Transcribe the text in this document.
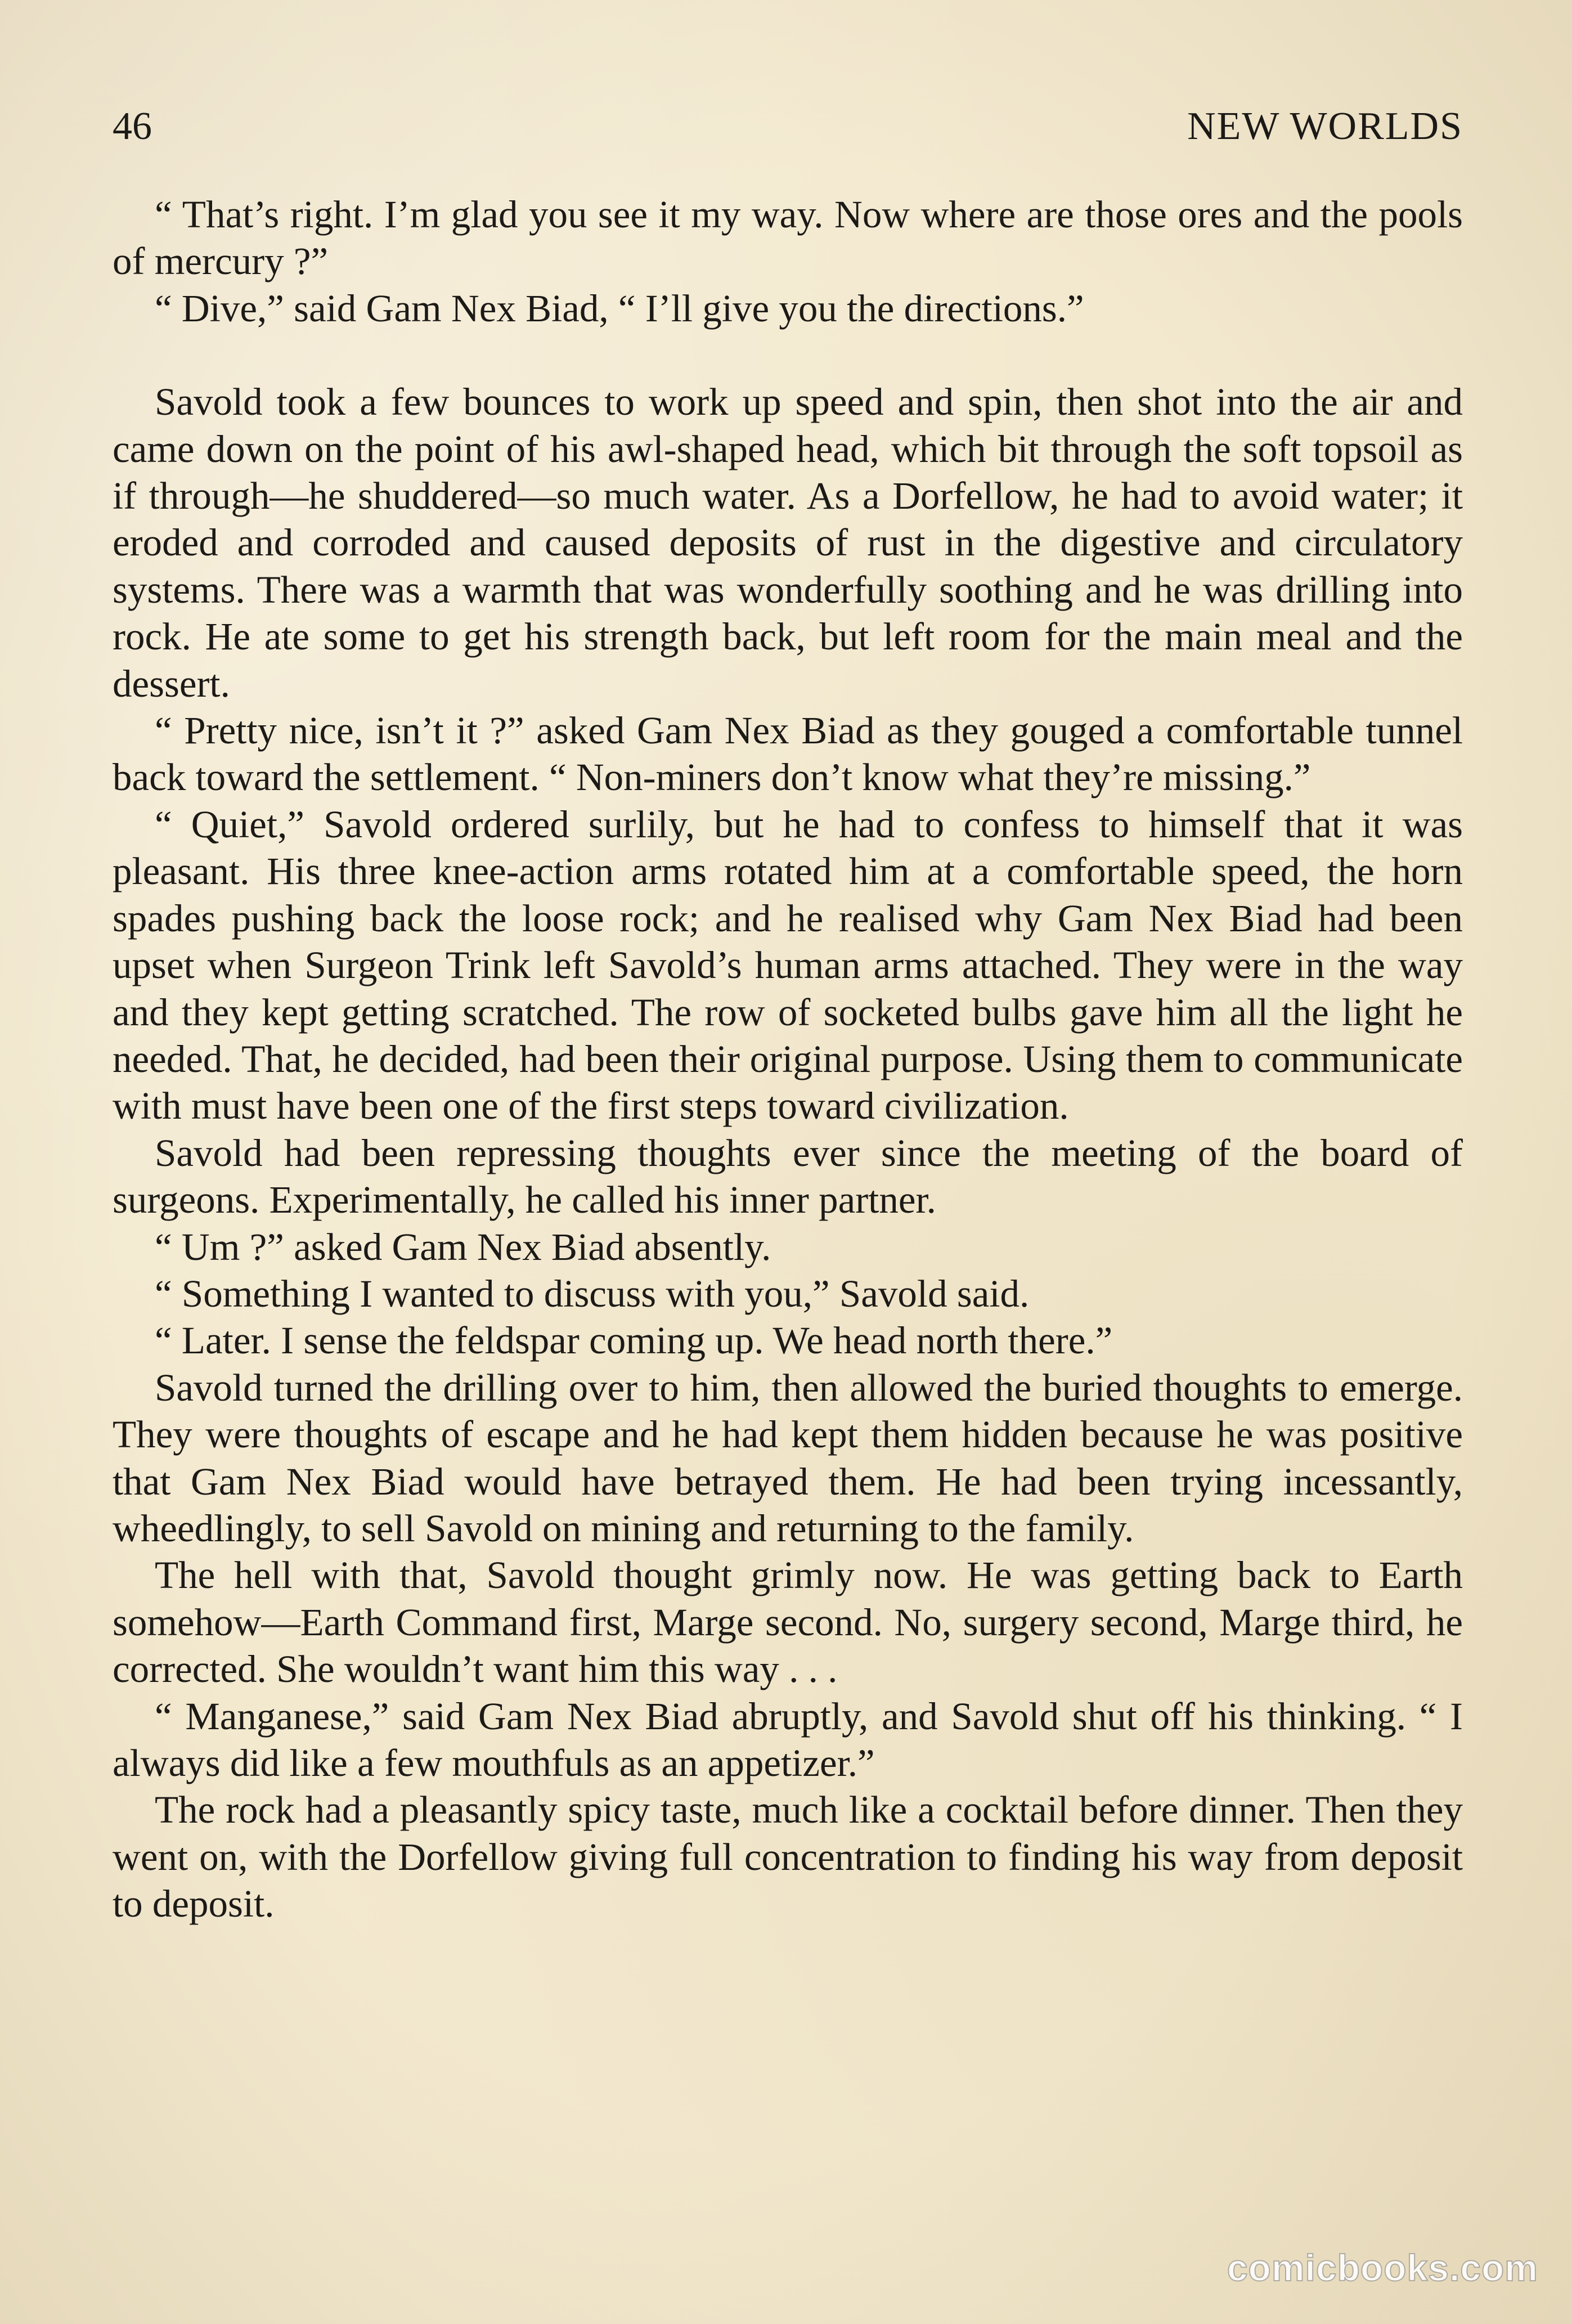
46	NEW WORLDS

“ That’s right. I’m glad you see it my way. Now where are those ores and the pools of mercury ?”

“ Dive,” said Gam Nex Biad, “ I’ll give you the directions.”

Savold took a few bounces to work up speed and spin, then shot into the air and came down on the point of his awl-shaped head, which bit through the soft topsoil as if through—he shuddered—so much water. As a Dorfellow, he had to avoid water; it eroded and corroded and caused deposits of rust in the digestive and circulatory systems. There was a warmth that was wonderfully soothing and he was drilling into rock. He ate some to get his strength back, but left room for the main meal and the dessert.

“ Pretty nice, isn’t it ?” asked Gam Nex Biad as they gouged a comfortable tunnel back toward the settlement. “ Non-miners don’t know what they’re missing.”

“ Quiet,” Savold ordered surlily, but he had to confess to himself that it was pleasant. His three knee-action arms rotated him at a comfortable speed, the horn spades pushing back the loose rock; and he realised why Gam Nex Biad had been upset when Surgeon Trink left Savold’s human arms attached. They were in the way and they kept getting scratched. The row of socketed bulbs gave him all the light he needed. That, he decided, had been their original purpose. Using them to communicate with must have been one of the first steps toward civilization.

Savold had been repressing thoughts ever since the meeting of the board of surgeons. Experimentally, he called his inner partner.

“ Um ?” asked Gam Nex Biad absently.

“ Something I wanted to discuss with you,” Savold said.

“ Later. I sense the feldspar coming up. We head north there.”

Savold turned the drilling over to him, then allowed the buried thoughts to emerge. They were thoughts of escape and he had kept them hidden because he was positive that Gam Nex Biad would have betrayed them. He had been trying incessantly, wheedlingly, to sell Savold on mining and returning to the family.

The hell with that, Savold thought grimly now. He was getting back to Earth somehow—Earth Command first, Marge second. No, surgery second, Marge third, he corrected. She wouldn’t want him this way . . .

“ Manganese,” said Gam Nex Biad abruptly, and Savold shut off his thinking. “ I always did like a few mouthfuls as an appetizer.”

The rock had a pleasantly spicy taste, much like a cocktail before dinner. Then they went on, with the Dorfellow giving full concentration to finding his way from deposit to deposit.

comicbooks.com
